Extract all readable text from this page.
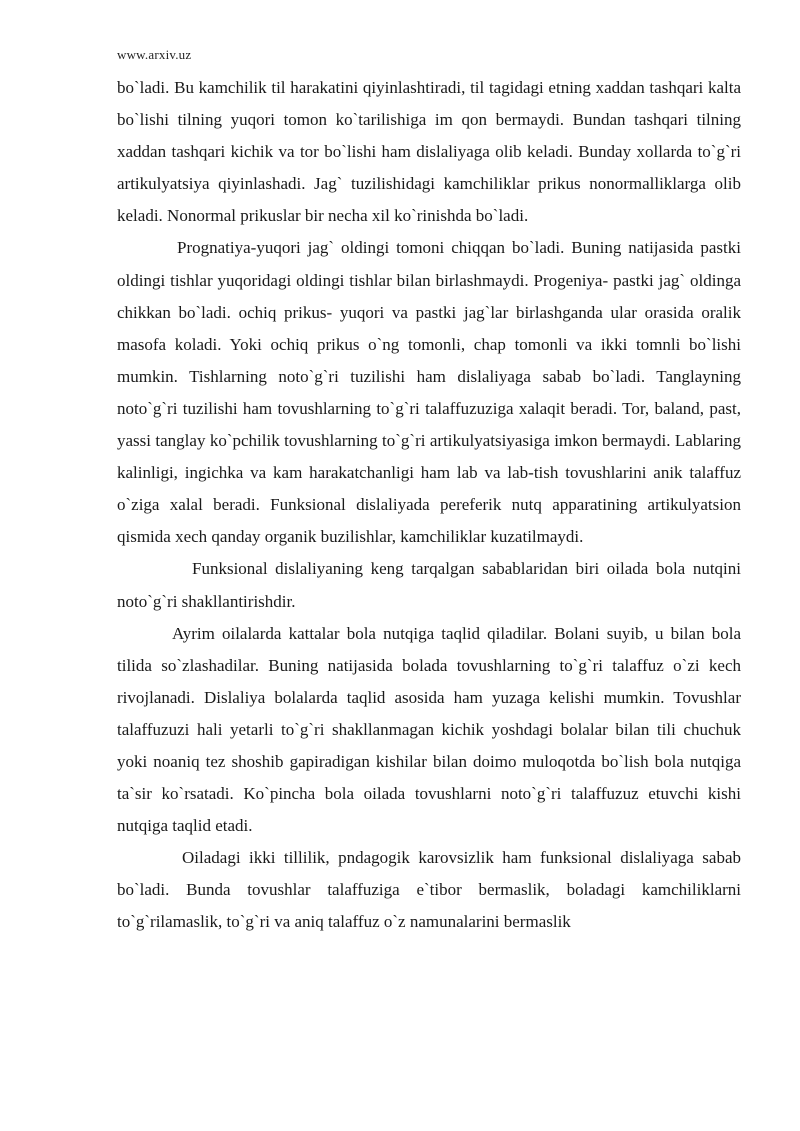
www.arxiv.uz

bo`ladi. Bu kamchilik til harakatini qiyinlashtiradi, til tagidagi etning xaddan tashqari kalta bo`lishi tilning yuqori tomon ko`tarilishiga im qon bermaydi. Bundan tashqari tilning xaddan tashqari kichik va tor bo`lishi ham dislaliyaga olib keladi. Bunday xollarda to`g`ri artikulyatsiya qiyinlashadi. Jag` tuzilishidagi kamchiliklar prikus nonormalliklarga olib keladi. Nonormal prikuslar bir necha xil ko`rinishda bo`ladi.

Prognatiya-yuqori jag` oldingi tomoni chiqqan bo`ladi. Buning natijasida pastki oldingi tishlar yuqoridagi oldingi tishlar bilan birlashmaydi. Progeniya- pastki jag` oldinga chikkan bo`ladi. ochiq prikus- yuqori va pastki jag`lar birlashganda ular orasida oralik masofa koladi. Yoki ochiq prikus o`ng tomonli, chap tomonli va ikki tomnli bo`lishi mumkin. Tishlarning noto`g`ri tuzilishi ham dislaliyaga sabab bo`ladi. Tanglayning noto`g`ri tuzilishi ham tovushlarning to`g`ri talaffuzuziga xalaqit beradi. Tor, baland, past, yassi tanglay ko`pchilik tovushlarning to`g`ri artikulyatsiyasiga imkon bermaydi. Lablaring kalinligi, ingichka va kam harakatchanligi ham lab va lab-tish tovushlarini anik talaffuz o`ziga xalal beradi. Funksional dislaliyada pereferik nutq apparatining artikulyatsion qismida xech qanday organik buzilishlar, kamchiliklar kuzatilmaydi.

Funksional dislaliyaning keng tarqalgan sabablaridan biri oilada bola nutqini noto`g`ri shakllantirishdir.

Ayrim oilalarda kattalar bola nutqiga taqlid qiladilar. Bolani suyib, u bilan bola tilida so`zlashadilar. Buning natijasida bolada tovushlarning to`g`ri talaffuz o`zi kech rivojlanadi. Dislaliya bolalarda taqlid asosida ham yuzaga kelishi mumkin. Tovushlar talaffuzuzi hali yetarli to`g`ri shakllanmagan kichik yoshdagi bolalar bilan tili chuchuk yoki noaniq tez shoshib gapiradigan kishilar bilan doimo muloqotda bo`lish bola nutqiga ta`sir ko`rsatadi. Ko`pincha bola oilada tovushlarni noto`g`ri talaffuzuz etuvchi kishi nutqiga taqlid etadi.

Oiladagi ikki tillilik, pndagogik karovsizlik ham funksional dislaliyaga sabab bo`ladi. Bunda tovushlar talaffuziga e`tibor bermaslik, boladagi kamchiliklarni to`g`rilamaslik, to`g`ri va aniq talaffuz o`z namunalarini bermaslik
